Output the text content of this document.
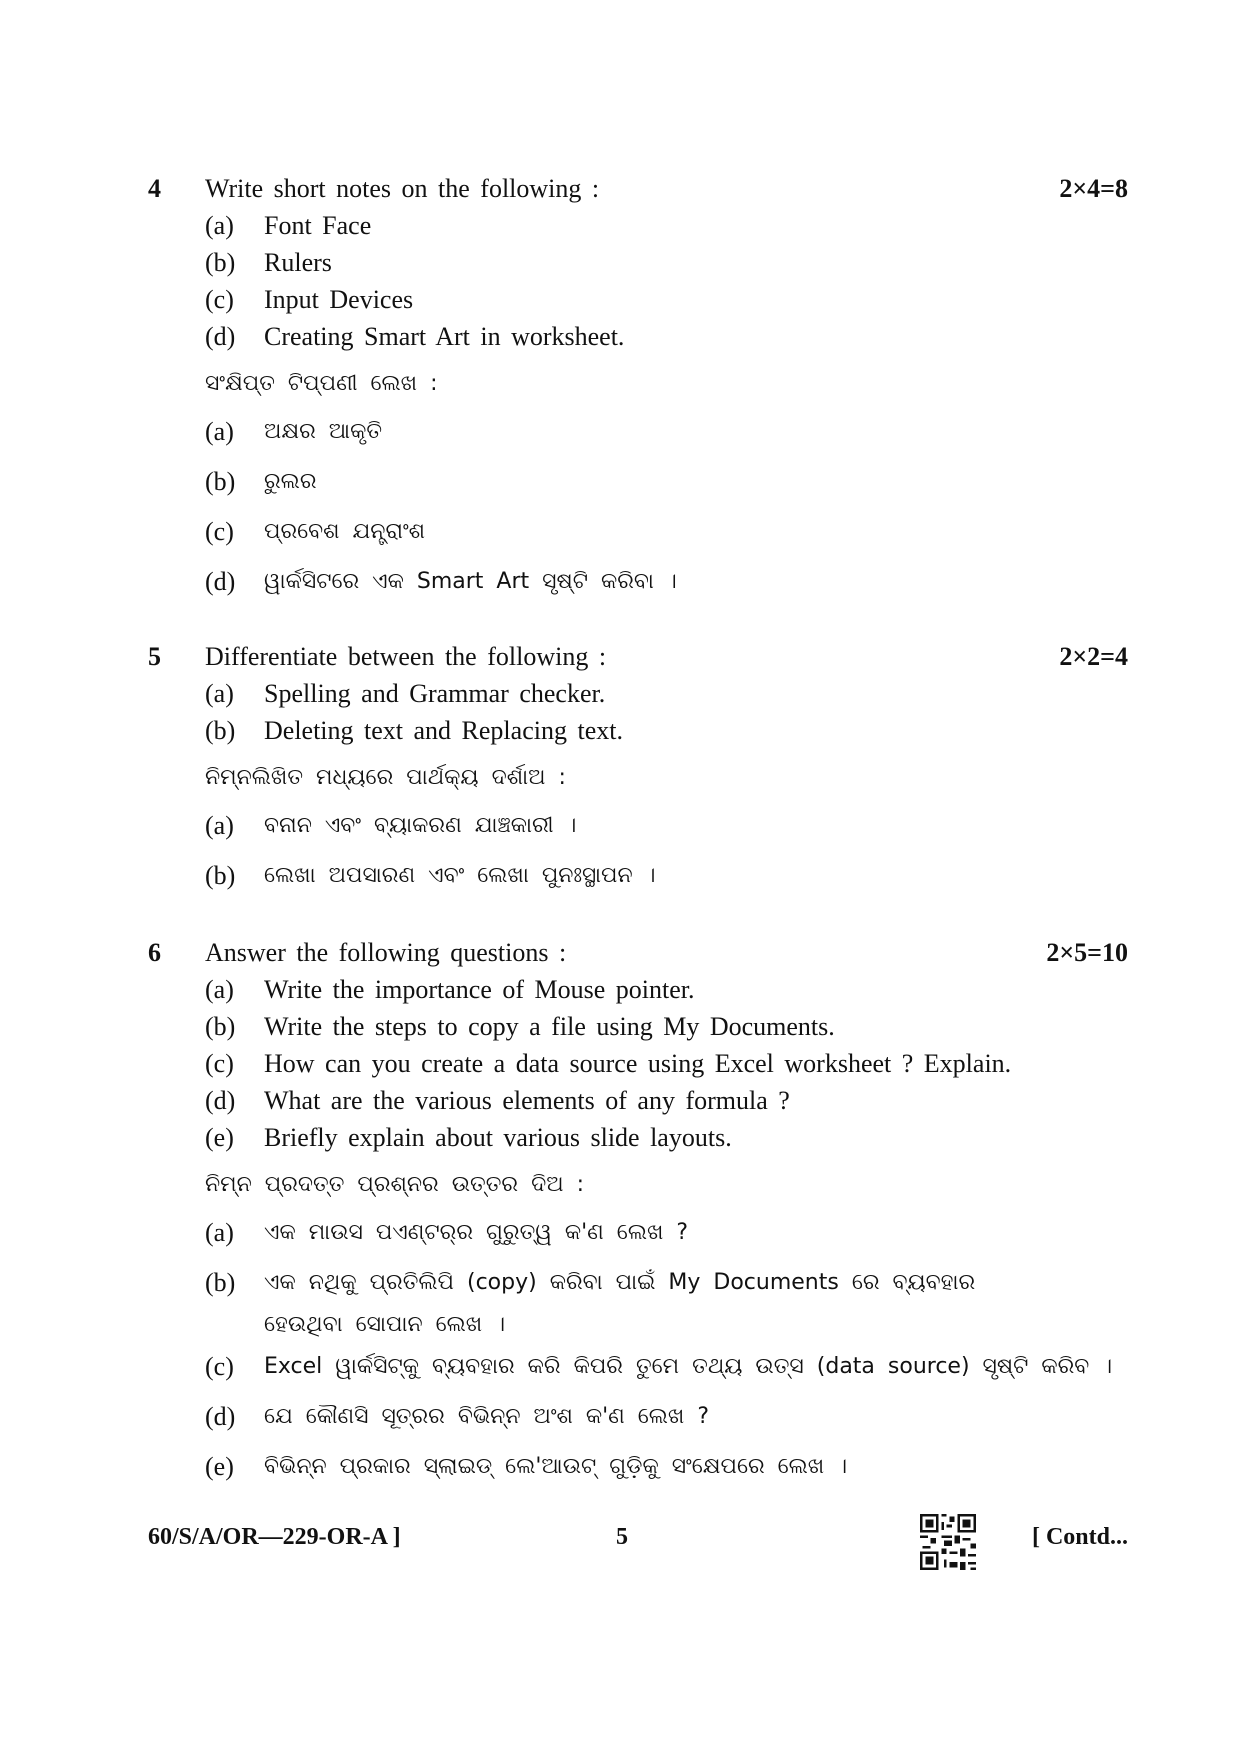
4 Write short notes on the following :	2×4=8
(a) Font Face
(b) Rulers
(c) Input Devices
(d) Creating Smart Art in worksheet.
ସଂକ୍ଷିପ୍ତ ଟିପ୍ପଣୀ ଲେଖ :
(a) ଅକ୍ଷର ଆକୃତି
(b) ରୁଲର
(c) ପ୍ରବେଶ ଯନ୍ତ୍ରାଂଶ
(d) ୱାର୍କସିଟରେ ଏକ Smart Art ସୃଷ୍ଟି କରିବା ।
5 Differentiate between the following :	2×2=4
(a) Spelling and Grammar checker.
(b) Deleting text and Replacing text.
ନିମ୍ନଲିଖିତ ମଧ୍ୟରେ ପାର୍ଥକ୍ୟ ଦର୍ଶାଅ :
(a) ବନାନ ଏବଂ ବ୍ୟାକରଣ ଯାଞ୍ଚକାରୀ ।
(b) ଲେଖା ଅପସାରଣ ଏବଂ ଲେଖା ପୁନଃସ୍ଥାପନ ।
6 Answer the following questions :	2×5=10
(a) Write the importance of Mouse pointer.
(b) Write the steps to copy a file using My Documents.
(c) How can you create a data source using Excel worksheet ? Explain.
(d) What are the various elements of any formula ?
(e) Briefly explain about various slide layouts.
ନିମ୍ନ ପ୍ରଦତ୍ତ ପ୍ରଶ୍ନର ଉତ୍ତର ଦିଅ :
(a) ଏକ ମାଉସ ପଏଣ୍ଟର୍‌ର ଗୁରୁତ୍ୱ କ'ଣ ଲେଖ ?
(b) ଏକ ନଥିକୁ ପ୍ରତିଲିପି (copy) କରିବା ପାଇଁ My Documents ରେ ବ୍ୟବହାର ହେଉଥିବା ସୋପାନ ଲେଖ ।
(c) Excel ୱାର୍କସିଟ୍‌କୁ ବ୍ୟବହାର କରି କିପରି ତୁମେ ତଥ୍ୟ ଉତ୍ସ (data source) ସୃଷ୍ଟି କରିବ ।
(d) ଯେ କୌଣସି ସୂତ୍ରର ବିଭିନ୍ନ ଅଂଶ କ'ଣ ଲେଖ ?
(e) ବିଭିନ୍ନ ପ୍ରକାର ସ୍ଲାଇଡ୍ ଲେ'ଆଉଟ୍ ଗୁଡ଼ିକୁ ସଂକ୍ଷେପରେ ଲେଖ ।
60/S/A/OR—229-OR-A ]	5	[ Contd...
